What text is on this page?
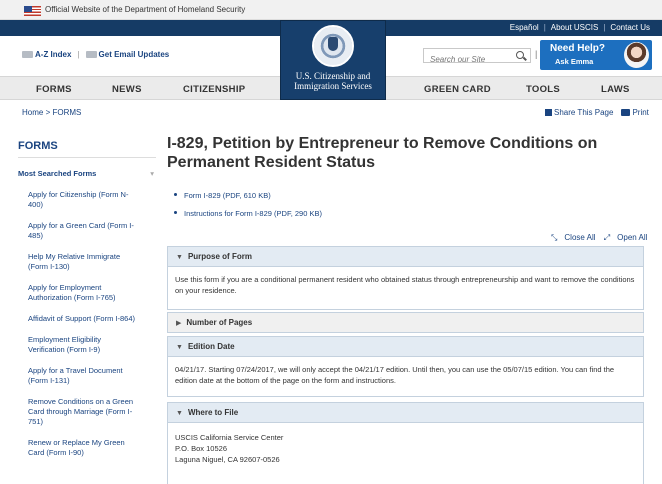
Official Website of the Department of Homeland Security
Español | About USCIS | Contact Us
A-Z Index | Get Email Updates
Search our Site	| Need Help?
Ask Emma
U.S. Citizenship and
Immigration Services
FORMS	NEWS	CITIZENSHIP	GREEN CARD	TOOLS	LAWS
Home > FORMS	Share This Page Print
FORMS
Most Searched Forms	▾
Apply for Citizenship (Form N-400)
Apply for a Green Card (Form I-485)
Help My Relative Immigrate (Form I-130)
Apply for Employment Authorization (Form I-765)
Affidavit of Support (Form I-864)
Employment Eligibility Verification (Form I-9)
Apply for a Travel Document (Form I-131)
Remove Conditions on a Green Card through Marriage (Form I-751)
Renew or Replace My Green Card (Form I-90)
I-829, Petition by Entrepreneur to Remove Conditions on Permanent Resident Status
Form I-829 (PDF, 610 KB)
Instructions for Form I-829 (PDF, 290 KB)
⤡ Close All ⤢ Open All
▼ Purpose of Form
Use this form if you are a conditional permanent resident who obtained status through entrepreneurship and want to remove the conditions on your residence.
▶ Number of Pages
▼ Edition Date
04/21/17. Starting 07/24/2017, we will only accept the 04/21/17 edition. Until then, you can use the 05/07/15 edition. You can find the edition date at the bottom of the page on the form and instructions.
▼ Where to File
USCIS California Service Center
P.O. Box 10526
Laguna Niguel, CA 92607-0526
